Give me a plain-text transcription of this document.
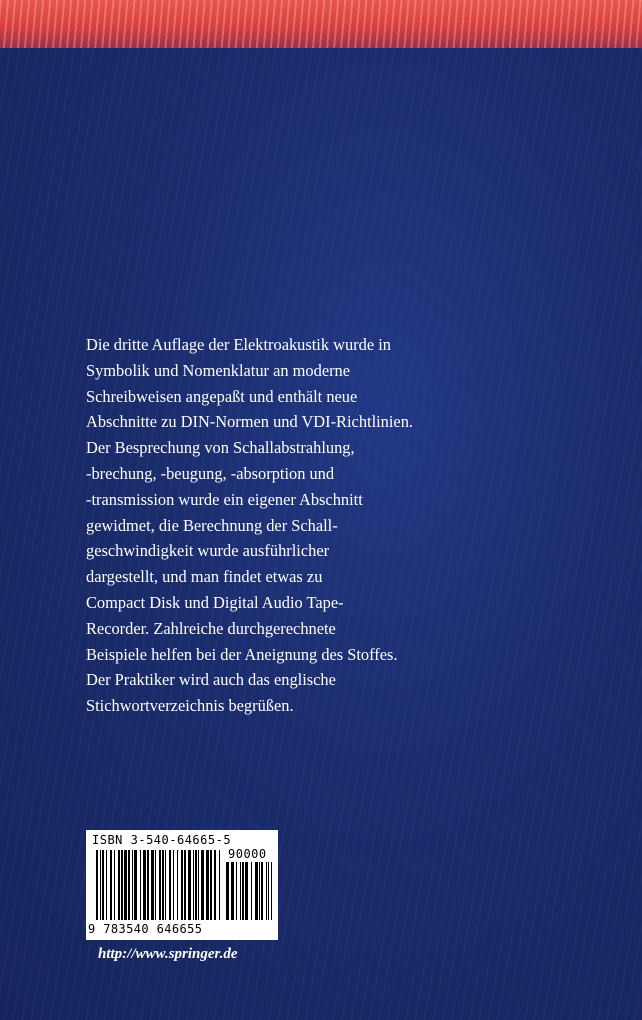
Die dritte Auflage der Elektroakustik wurde in
Symbolik und Nomenklatur an moderne
Schreibweisen angepaßt und enthält neue
Abschnitte zu DIN-Normen und VDI-Richtlinien.
Der Besprechung von Schallabstrahlung,
-brechung, -beugung, -absorption und
-transmission wurde ein eigener Abschnitt
gewidmet, die Berechnung der Schall-
geschwindigkeit wurde ausführlicher
dargestellt, und man findet etwas zu
Compact Disk und Digital Audio Tape-
Recorder. Zahlreiche durchgerechnete
Beispiele helfen bei der Aneignung des Stoffes.
Der Praktiker wird auch das englische
Stichwortverzeichnis begrüßen.

ISBN 3-540-64665-5
90000
9 783540 646655
http://www.springer.de
